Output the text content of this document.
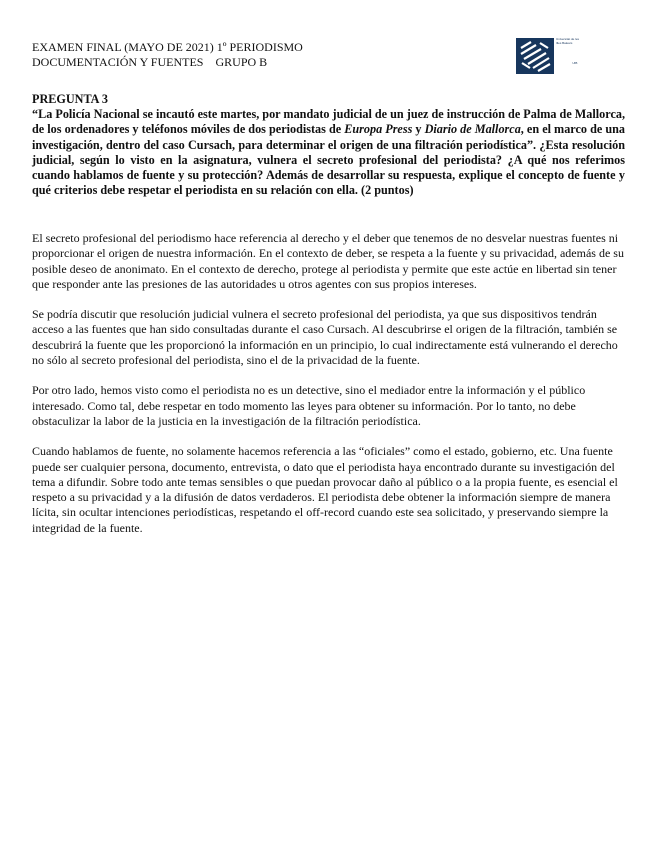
EXAMEN FINAL (MAYO DE 2021) 1º PERIODISMO
DOCUMENTACIÓN Y FUENTES    GRUPO B
Universitat de les Illes Balears
UIB
PREGUNTA 3
“La Policía Nacional se incautó este martes, por mandato judicial de un juez de instrucción de Palma de Mallorca, de los ordenadores y teléfonos móviles de dos periodistas de Europa Press y Diario de Mallorca, en el marco de una investigación, dentro del caso Cursach, para determinar el origen de una filtración periodística”. ¿Esta resolución judicial, según lo visto en la asignatura, vulnera el secreto profesional del periodista? ¿A qué nos referimos cuando hablamos de fuente y su protección? Además de desarrollar su respuesta, explique el concepto de fuente y qué criterios debe respetar el periodista en su relación con ella. (2 puntos)

El secreto profesional del periodismo hace referencia al derecho y el deber que tenemos de no desvelar nuestras fuentes ni proporcionar el origen de nuestra información. En el contexto de deber, se respeta a la fuente y su privacidad, además de su posible deseo de anonimato. En el contexto de derecho, protege al periodista y permite que este actúe en libertad sin tener que responder ante las presiones de las autoridades u otros agentes con sus propios intereses.

Se podría discutir que resolución judicial vulnera el secreto profesional del periodista, ya que sus dispositivos tendrán acceso a las fuentes que han sido consultadas durante el caso Cursach. Al descubrirse el origen de la filtración, también se descubrirá la fuente que les proporcionó la información en un principio, lo cual indirectamente está vulnerando el derecho no sólo al secreto profesional del periodista, sino el de la privacidad de la fuente.

Por otro lado, hemos visto como el periodista no es un detective, sino el mediador entre la información y el público interesado. Como tal, debe respetar en todo momento las leyes para obtener su información. Por lo tanto, no debe obstaculizar la labor de la justicia en la investigación de la filtración periodística.

Cuando hablamos de fuente, no solamente hacemos referencia a las “oficiales” como el estado, gobierno, etc. Una fuente puede ser cualquier persona, documento, entrevista, o dato que el periodista haya encontrado durante su investigación del tema a difundir. Sobre todo ante temas sensibles o que puedan provocar daño al público o a la propia fuente, es esencial el respeto a su privacidad y a la difusión de datos verdaderos. El periodista debe obtener la información siempre de manera lícita, sin ocultar intenciones periodísticas, respetando el off-record cuando este sea solicitado, y preservando siempre la integridad de la fuente.
